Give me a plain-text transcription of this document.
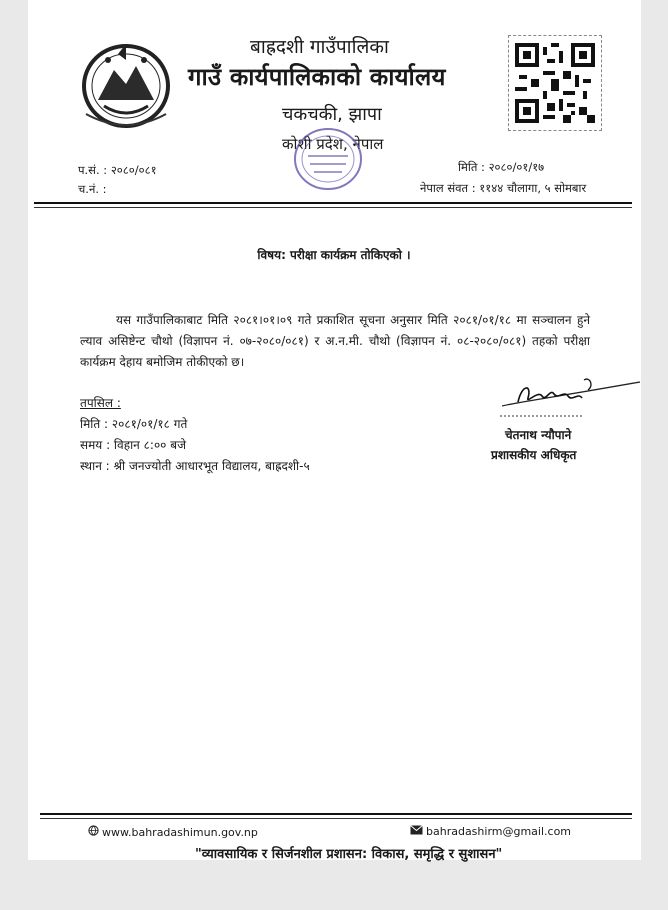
बाह्रदशी गाउँपालिका
गाउँ कार्यपालिकाको कार्यालय
चकचकी, झापा
कोशी प्रदेश, नेपाल
प.सं. : २०८०/०८१
च.नं. :
मिति : २०८०/०१/१७
नेपाल संवत : ११४४ चौलागा, ५ सोमबार
विषय: परीक्षा कार्यक्रम तोकिएको ।
यस गाउँपालिकाबाट मिति २०८१।०१।०९ गते प्रकाशित सूचना अनुसार मिति २०८१/०१/१८ मा सञ्चालन हुने ल्याव असिष्टेन्ट चौथो (विज्ञापन नं. ०७-२०८०/०८१) र अ.न.मी. चौथो (विज्ञापन नं. ०८-२०८०/०८१) तहको परीक्षा कार्यक्रम देहाय बमोजिम तोकीएको छ।
तपसिल :
मिति : २०८१/०१/१८ गते
समय : विहान ८:०० बजे
स्थान : श्री जनज्योती आधारभूत विद्यालय, बाह्रदशी-५
चेतनाथ न्यौपाने
प्रशासकीय अधिकृत
www.bahradashimun.gov.np	bahradashirm@gmail.com
"व्यावसायिक र सिर्जनशील प्रशासन: विकास, समृद्धि र सुशासन"
